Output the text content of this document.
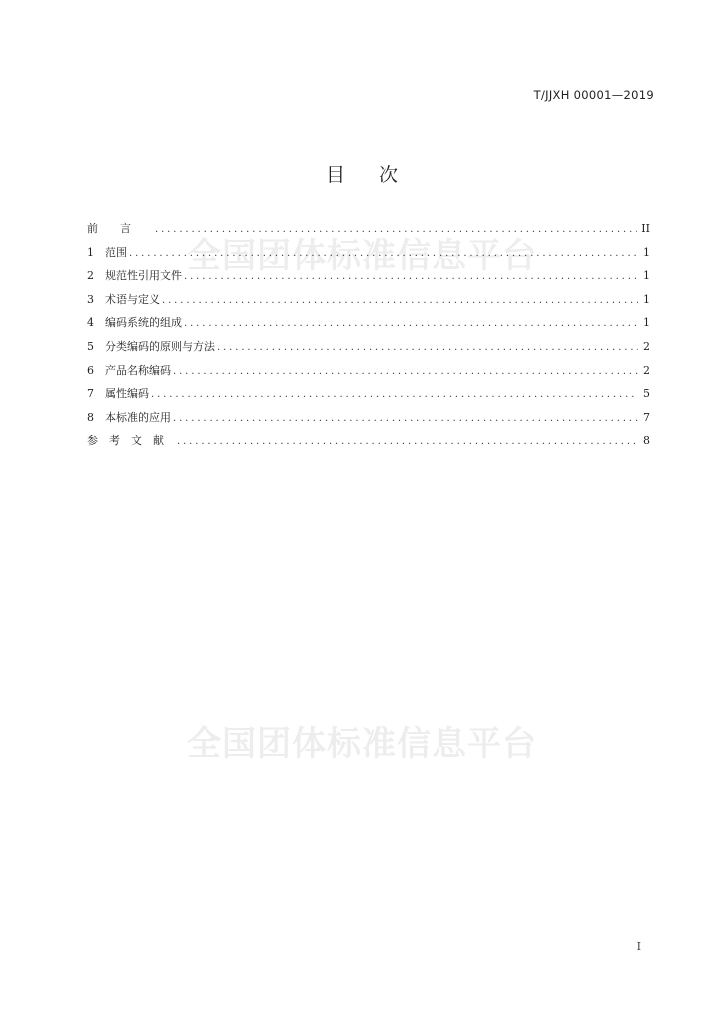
T/JJXH 00001—2019
目 次
全国团体标准信息平台
前言 .....	II
1	范围 .....	1
2	规范性引用文件 .....	1
3	术语与定义 .....	1
4	编码系统的组成 .....	1
5	分类编码的原则与方法 .....	2
6	产品名称编码 .....	2
7	属性编码 .....	5
8	本标准的应用 .....	7
参考文献 .....	8
全国团体标准信息平台
I
